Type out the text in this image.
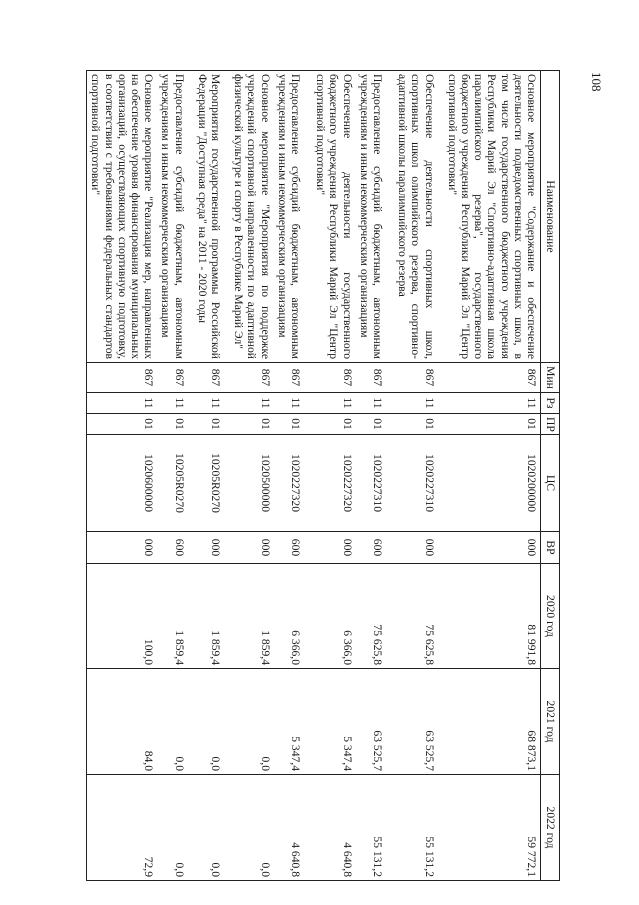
108
Наименование	Мин	Рз	ПР	ЦС	ВР	2020 год	2021 год	2022 год
Основное мероприятие "Содержание и обеспечение деятельности подведомственных спортивных школ, в том числе государственного бюджетного учреждения Республики Марий Эл "Спортивно-адаптивная школа паралимпийского резерва", государственного бюджетного учреждения Республики Марий Эл "Центр спортивной подготовки"	867	11	01	1020200000	000	81 991,8	68 873,1	59 772,1
Обеспечение деятельности спортивных школ, спортивных школ олимпийского резерва, спортивно-адаптивной школы паралимпийского резерва	867	11	01	1020227310	000	75 625,8	63 525,7	55 131,2
Предоставление субсидий бюджетным, автономным учреждениям и иным некоммерческим организациям	867	11	01	1020227310	600	75 625,8	63 525,7	55 131,2
Обеспечение деятельности государственного бюджетного учреждения Республики Марий Эл "Центр спортивной подготовки"	867	11	01	1020227320	000	6 366,0	5 347,4	4 640,8
Предоставление субсидий бюджетным, автономным учреждениям и иным некоммерческим организациям	867	11	01	1020227320	600	6 366,0	5 347,4	4 640,8
Основное мероприятие "Мероприятия по поддержке учреждений спортивной направленности по адаптивной физической культуре и спорту в Республике Марий Эл"	867	11	01	1020500000	000	1 859,4	0,0	0,0
Мероприятия государственной программы Российской Федерации "Доступная среда" на 2011 - 2020 годы	867	11	01	10205R0270	000	1 859,4	0,0	0,0
Предоставление субсидий бюджетным, автономным учреждениям и иным некоммерческим организациям	867	11	01	10205R0270	600	1 859,4	0,0	0,0
Основное мероприятие "Реализация мер, направленных на обеспечение уровня финансирования муниципальных организаций, осуществляющих спортивную подготовку, в соответствии с требованиями федеральных стандартов спортивной подготовки"	867	11	01	1020600000	000	100,0	84,0	72,9
